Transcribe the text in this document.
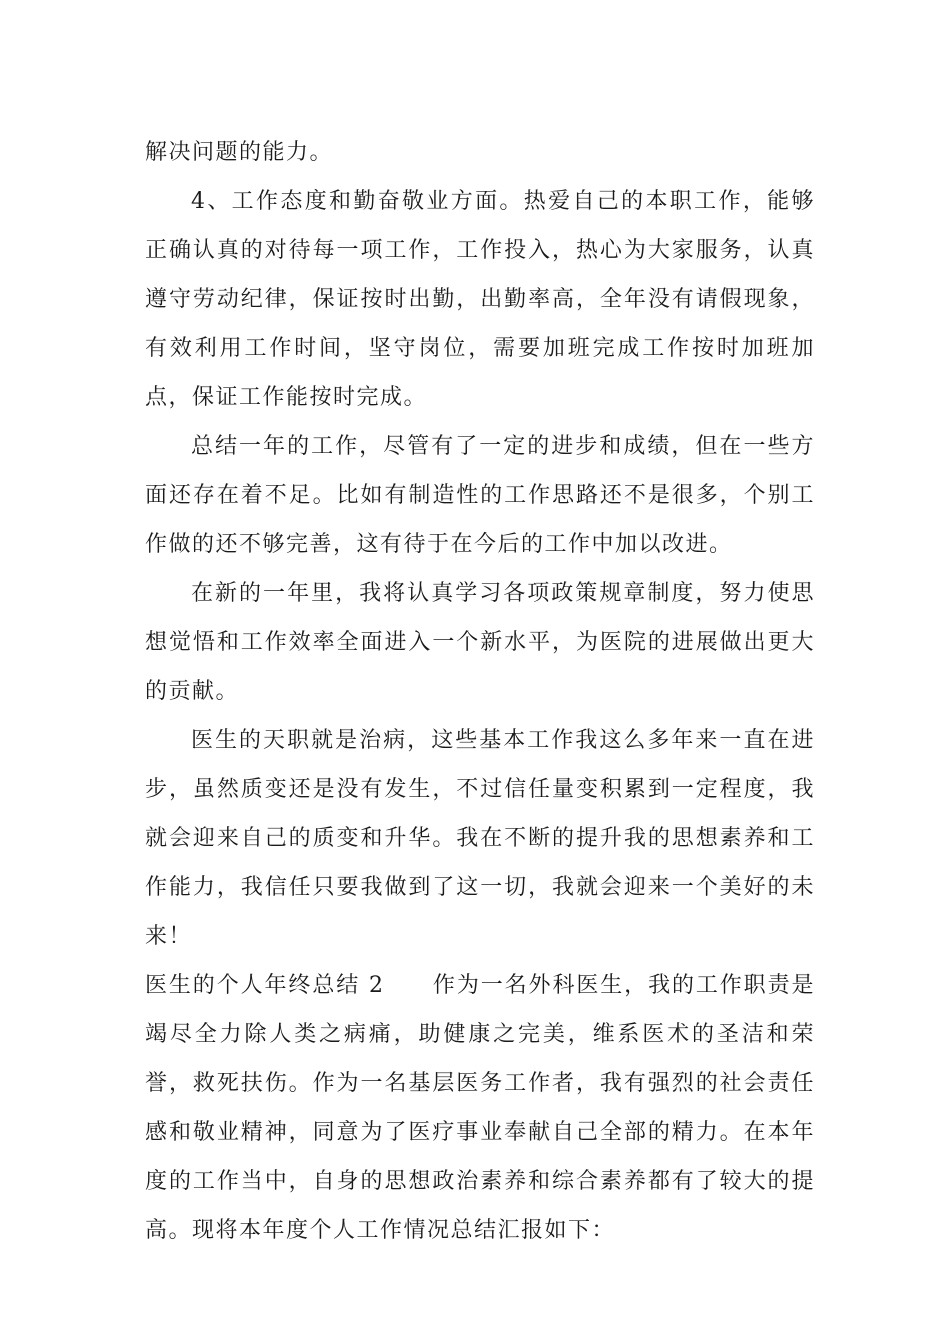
解决问题的能力。

4、工作态度和勤奋敬业方面。热爱自己的本职工作，能够正确认真的对待每一项工作，工作投入，热心为大家服务，认真遵守劳动纪律，保证按时出勤，出勤率高，全年没有请假现象，有效利用工作时间，坚守岗位，需要加班完成工作按时加班加点，保证工作能按时完成。

总结一年的工作，尽管有了一定的进步和成绩，但在一些方面还存在着不足。比如有制造性的工作思路还不是很多，个别工作做的还不够完善，这有待于在今后的工作中加以改进。

在新的一年里，我将认真学习各项政策规章制度，努力使思想觉悟和工作效率全面进入一个新水平，为医院的进展做出更大的贡献。

医生的天职就是治病，这些基本工作我这么多年来一直在进步，虽然质变还是没有发生，不过信任量变积累到一定程度，我就会迎来自己的质变和升华。我在不断的提升我的思想素养和工作能力，我信任只要我做到了这一切，我就会迎来一个美好的未来！

医生的个人年终总结 2 作为一名外科医生，我的工作职责是竭尽全力除人类之病痛，助健康之完美，维系医术的圣洁和荣誉，救死扶伤。作为一名基层医务工作者，我有强烈的社会责任感和敬业精神，同意为了医疗事业奉献自己全部的精力。在本年度的工作当中，自身的思想政治素养和综合素养都有了较大的提高。现将本年度个人工作情况总结汇报如下：
